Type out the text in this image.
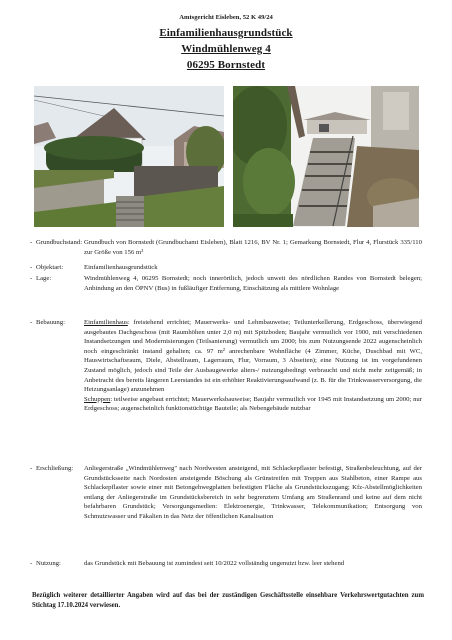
Amtsgericht Eisleben, 52 K 49/24
Einfamilienhausgrundstück
Windmühlenweg 4
06295 Bornstedt
- Grundbuchstand: Grundbuch von Bornstedt (Grundbuchamt Eisleben), Blatt 1216, BV Nr. 1; Gemarkung Bornstedt, Flur 4, Flurstück 335/110 zur Größe von 156 m²
- Objektart:	Einfamilienhausgrundstück
- Lage:	Windmühlenweg 4, 06295 Bornstedt; noch innerörtlich, jedoch unweit des nördlichen Randes von Bornstedt belegen; Anbindung an den ÖPNV (Bus) in fußläufiger Entfernung, Einschätzung als mittlere Wohnlage
- Bebauung:	Einfamilienhaus: freistehend errichtet; Mauerwerks- und Lehmbauweise; Teilunterkellerung, Erdgeschoss, überwiegend ausgebautes Dachgeschoss (mit Raumhöhen unter 2,0 m) mit Spitzboden; Baujahr vermutlich vor 1900, mit verschiedenen Instandsetzungen und Modernisierungen (Teilsanierung) vermutlich um 2000; bis zum Nutzungsende 2022 augenscheinlich noch eingeschränkt instand gehalten; ca. 97 m² anrechenbare Wohnfläche (4 Zimmer, Küche, Duschbad mit WC, Hauswirtschaftsraum, Diele, Abstellraum, Lagerraum, Flur, Vorraum, 3 Abseiten); eine Nutzung ist im vorgefundenen Zustand möglich, jedoch sind Teile der Ausbaugewerke alters-/ nutzungsbedingt verbraucht und nicht mehr zeitgemäß; in Anbetracht des bereits längeren Leerstandes ist ein erhöhter Reaktivierungsaufwand (z. B. für die Trinkwasserversorgung, die Heizungsanlage) anzunehmen

Schuppen: teilweise angebaut errichtet; Mauerwerksbauweise; Baujahr vermutlich vor 1945 mit Instandsetzung um 2000; nur Erdgeschoss; augenscheinlich funktionstüchtige Bauteile; als Nebengebäude nutzbar

- Erschließung:	Anliegerstraße „Windmühlenweg" nach Nordwesten ansteigend, mit Schlackepflaster befestigt, Straßenbeleuchtung, auf der Grundstücksseite nach Nordosten ansteigende Böschung als Grünstreifen mit Treppen aus Stahlbeton, einer Rampe aus Schlackepflaster sowie einer mit Betongehwegplatten befestigten Fläche als Grundstückszugang; Kfz-Abstellmöglichkeiten entlang der Anliegerstraße im Grundstücksbereich in sehr begrenztem Umfang am Straßenrand und keine auf dem nicht befahrbaren Grundstück; Versorgungsmedien: Elektroenergie, Trinkwasser, Telekommunikation; Entsorgung von Schmutzwasser und Fäkalien in das Netz der öffentlichen Kanalisation
- Nutzung:	das Grundstück mit Bebauung ist zumindest seit 10/2022 vollständig ungenutzt bzw. leer stehend
Bezüglich weiterer detaillierter Angaben wird auf das bei der zuständigen Geschäftsstelle einsehbare Verkehrswertgutachten zum Stichtag 17.10.2024 verwiesen.
